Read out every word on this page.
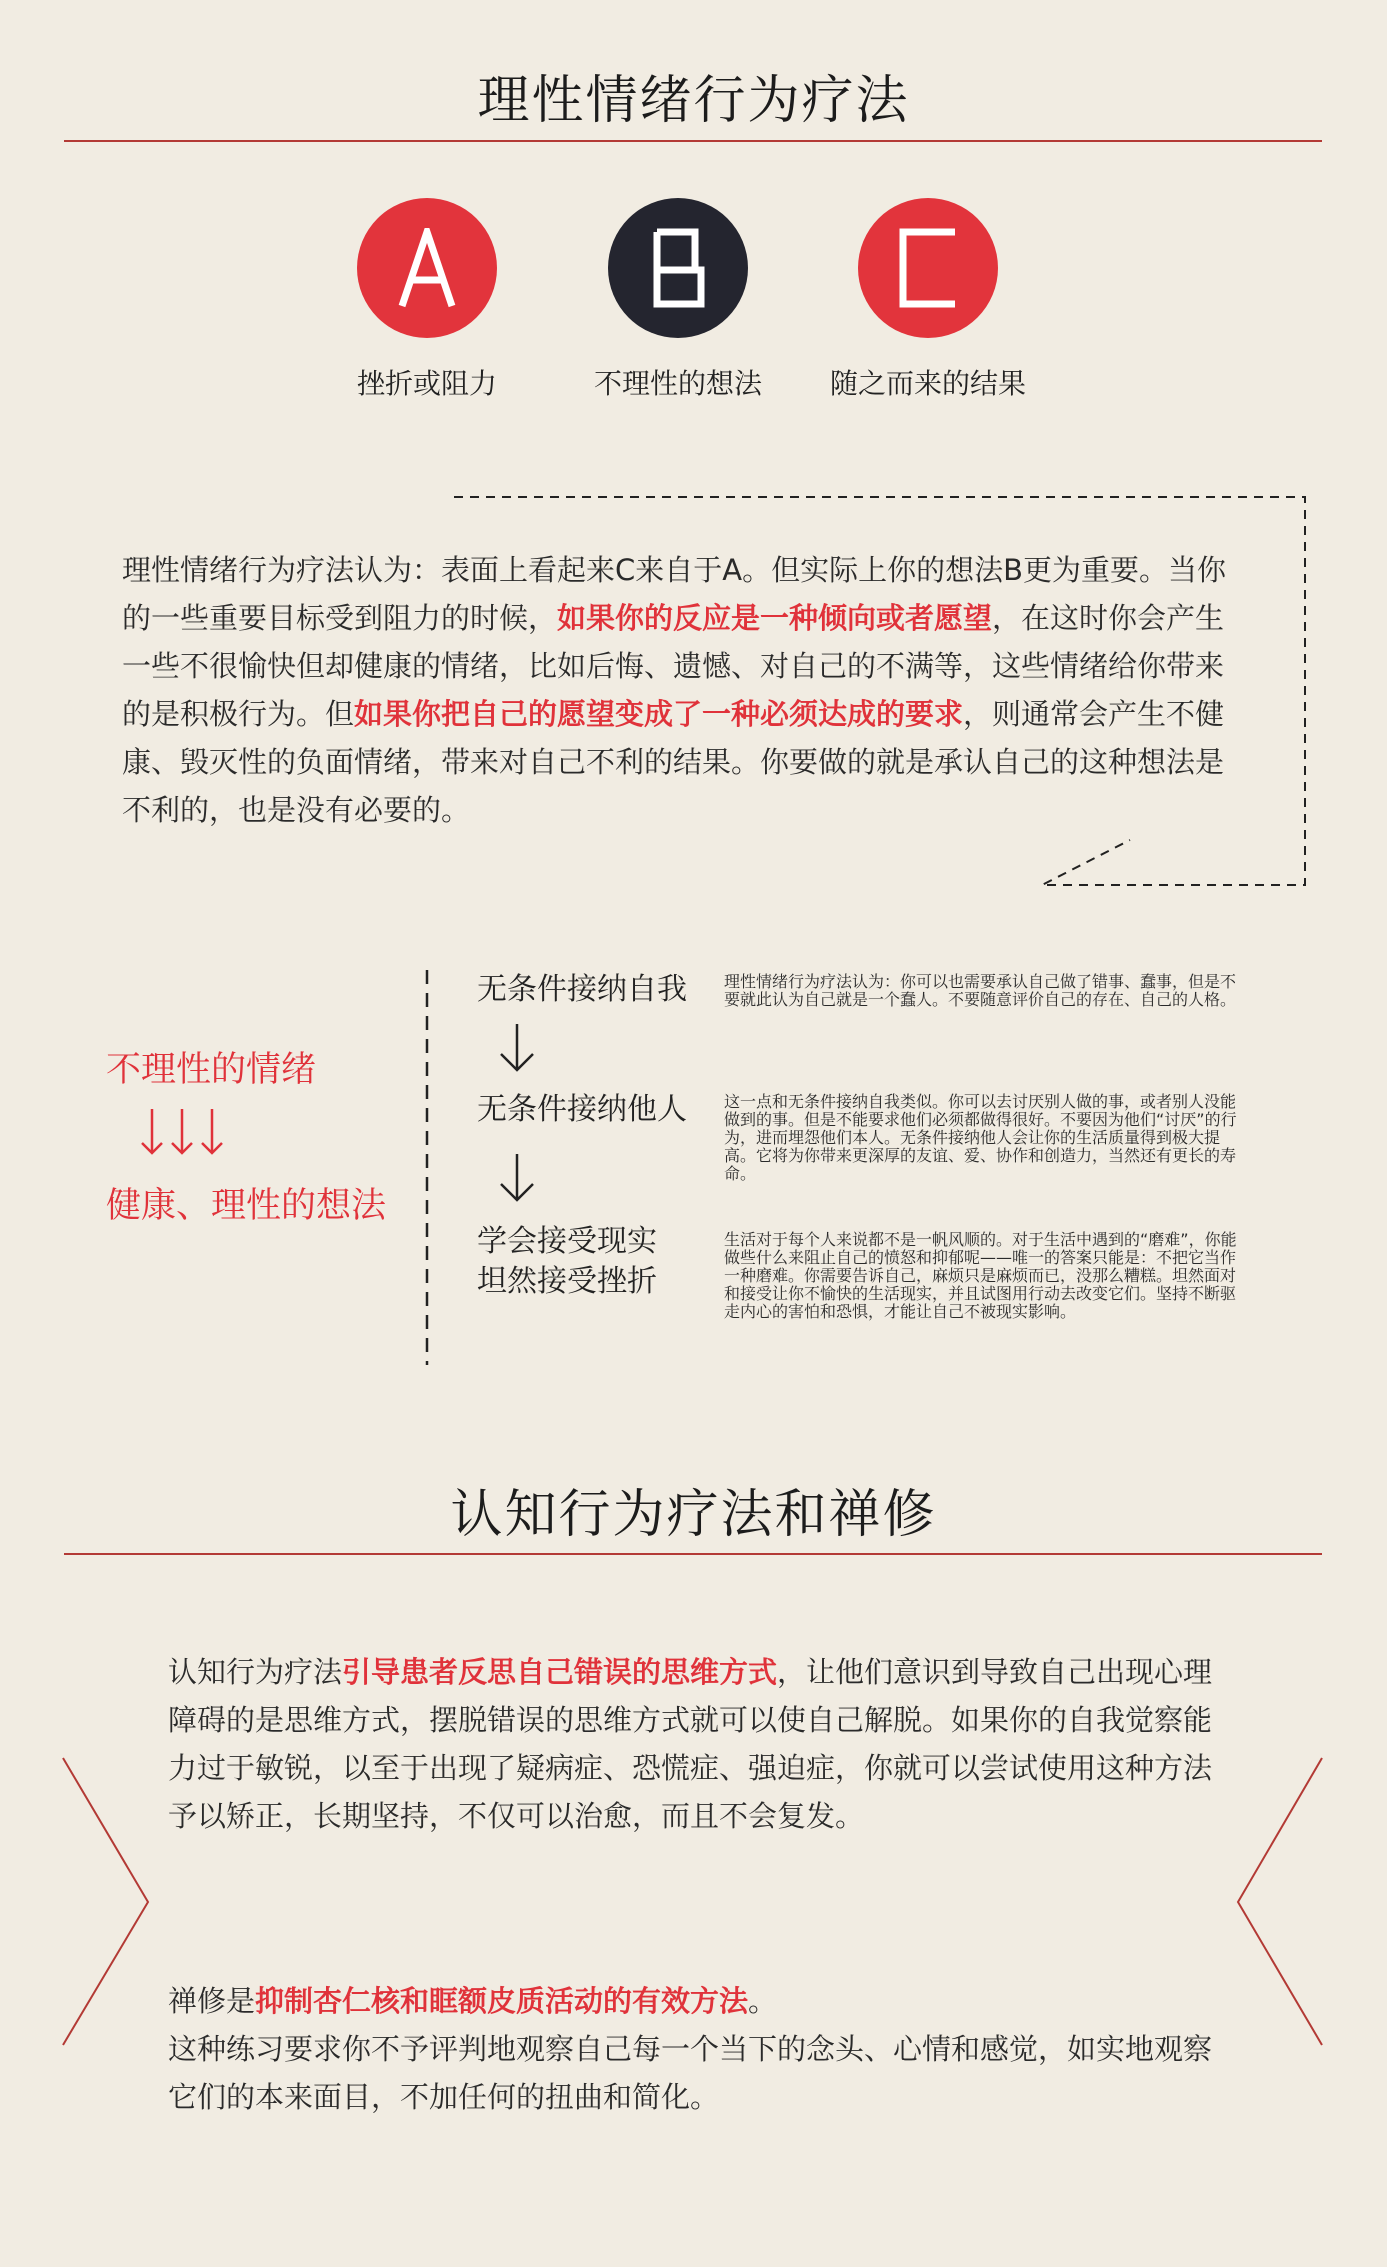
理性情绪行为疗法
挫折或阻力	不理性的想法	随之而来的结果
理性情绪行为疗法认为：表面上看起来C来自于A。但实际上你的想法B更为重要。当你的一些重要目标受到阻力的时候，如果你的反应是一种倾向或者愿望，在这时你会产生一些不很愉快但却健康的情绪，比如后悔、遗憾、对自己的不满等，这些情绪给你带来的是积极行为。但如果你把自己的愿望变成了一种必须达成的要求，则通常会产生不健康、毁灭性的负面情绪，带来对自己不利的结果。你要做的就是承认自己的这种想法是不利的，也是没有必要的。
不理性的情绪
健康、理性的想法
无条件接纳自我
无条件接纳他人
学会接受现实
坦然接受挫折
理性情绪行为疗法认为：你可以也需要承认自己做了错事、蠢事，但是不要就此认为自己就是一个蠢人。不要随意评价自己的存在、自己的人格。
这一点和无条件接纳自我类似。你可以去讨厌别人做的事，或者别人没能做到的事。但是不能要求他们必须都做得很好。不要因为他们“讨厌”的行为，进而埋怨他们本人。无条件接纳他人会让你的生活质量得到极大提高。它将为你带来更深厚的友谊、爱、协作和创造力，当然还有更长的寿命。
生活对于每个人来说都不是一帆风顺的。对于生活中遇到的“磨难”，你能做些什么来阻止自己的愤怒和抑郁呢——唯一的答案只能是：不把它当作一种磨难。你需要告诉自己，麻烦只是麻烦而已，没那么糟糕。坦然面对和接受让你不愉快的生活现实，并且试图用行动去改变它们。坚持不断驱走内心的害怕和恐惧，才能让自己不被现实影响。
认知行为疗法和禅修
认知行为疗法引导患者反思自己错误的思维方式，让他们意识到导致自己出现心理障碍的是思维方式，摆脱错误的思维方式就可以使自己解脱。如果你的自我觉察能力过于敏锐，以至于出现了疑病症、恐慌症、强迫症，你就可以尝试使用这种方法予以矫正，长期坚持，不仅可以治愈，而且不会复发。
禅修是抑制杏仁核和眶额皮质活动的有效方法。
这种练习要求你不予评判地观察自己每一个当下的念头、心情和感觉，如实地观察它们的本来面目，不加任何的扭曲和简化。
